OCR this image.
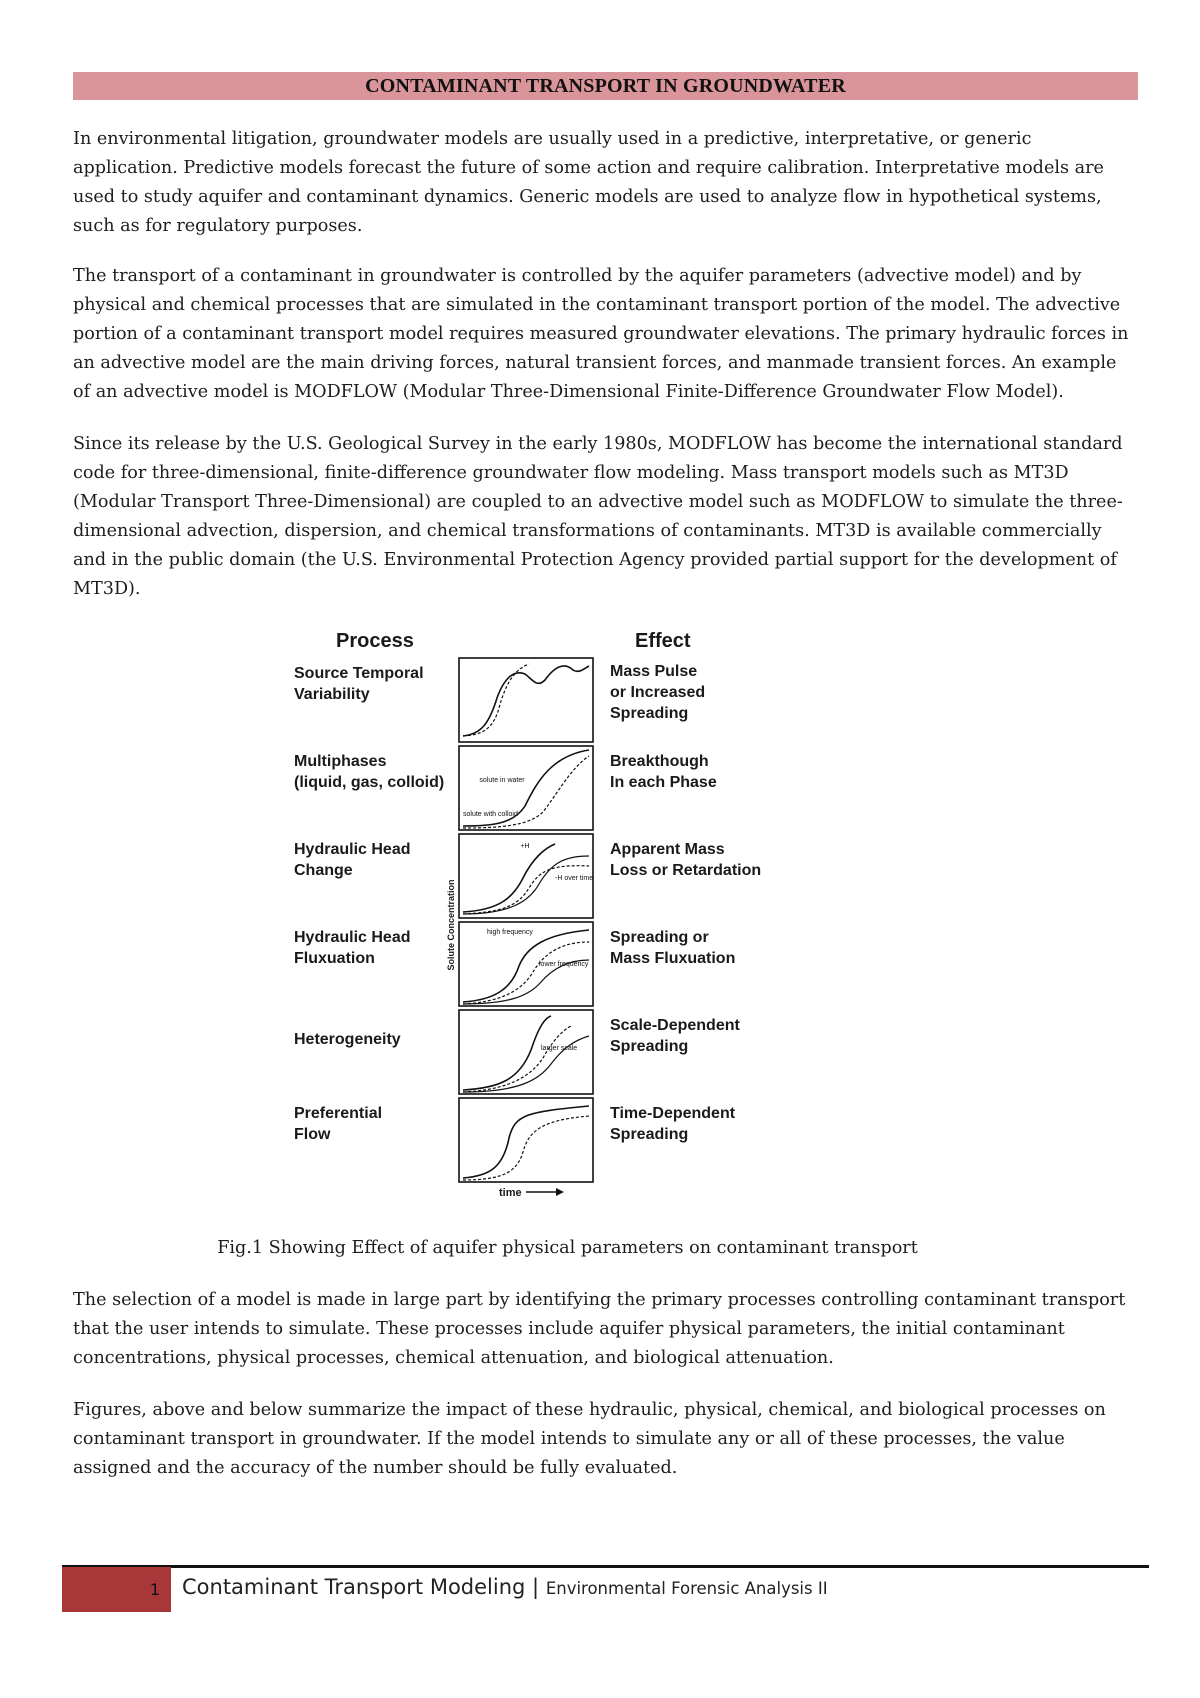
CONTAMINANT TRANSPORT IN GROUNDWATER

In environmental litigation, groundwater models are usually used in a predictive, interpretative, or generic application. Predictive models forecast the future of some action and require calibration. Interpretative models are used to study aquifer and contaminant dynamics. Generic models are used to analyze flow in hypothetical systems, such as for regulatory purposes.

The transport of a contaminant in groundwater is controlled by the aquifer parameters (advective model) and by physical and chemical processes that are simulated in the contaminant transport portion of the model. The advective portion of a contaminant transport model requires measured groundwater elevations. The primary hydraulic forces in an advective model are the main driving forces, natural transient forces, and manmade transient forces. An example of an advective model is MODFLOW (Modular Three-Dimensional Finite-Difference Groundwater Flow Model).

Since its release by the U.S. Geological Survey in the early 1980s, MODFLOW has become the international standard code for three-dimensional, finite-difference groundwater flow modeling. Mass transport models such as MT3D (Modular Transport Three-Dimensional) are coupled to an advective model such as MODFLOW to simulate the three-dimensional advection, dispersion, and chemical transformations of contaminants. MT3D is available commercially and in the public domain (the U.S. Environmental Protection Agency provided partial support for the development of MT3D).

Process	Effect
Source Temporal
Variability
Mass Pulse
or Increased
Spreading
Multiphases
(liquid, gas, colloid)
Breakthough
In each Phase
solute in water
solute with colloid
Hydraulic Head
Change
Apparent Mass
Loss or Retardation
+H
-H over time
Hydraulic Head
Fluxuation
Spreading or
Mass Fluxuation
high frequency
lower frequency
Heterogeneity
Scale-Dependent
Spreading
larger scale
Preferential
Flow
Time-Dependent
Spreading
Solute Concentration
time
Fig.1 Showing Effect of aquifer physical parameters on contaminant transport

The selection of a model is made in large part by identifying the primary processes controlling contaminant transport that the user intends to simulate. These processes include aquifer physical parameters, the initial contaminant concentrations, physical processes, chemical attenuation, and biological attenuation.

Figures, above and below summarize the impact of these hydraulic, physical, chemical, and biological processes on contaminant transport in groundwater. If the model intends to simulate any or all of these processes, the value assigned and the accuracy of the number should be fully evaluated.

1 Contaminant Transport Modeling | Environmental Forensic Analysis II
